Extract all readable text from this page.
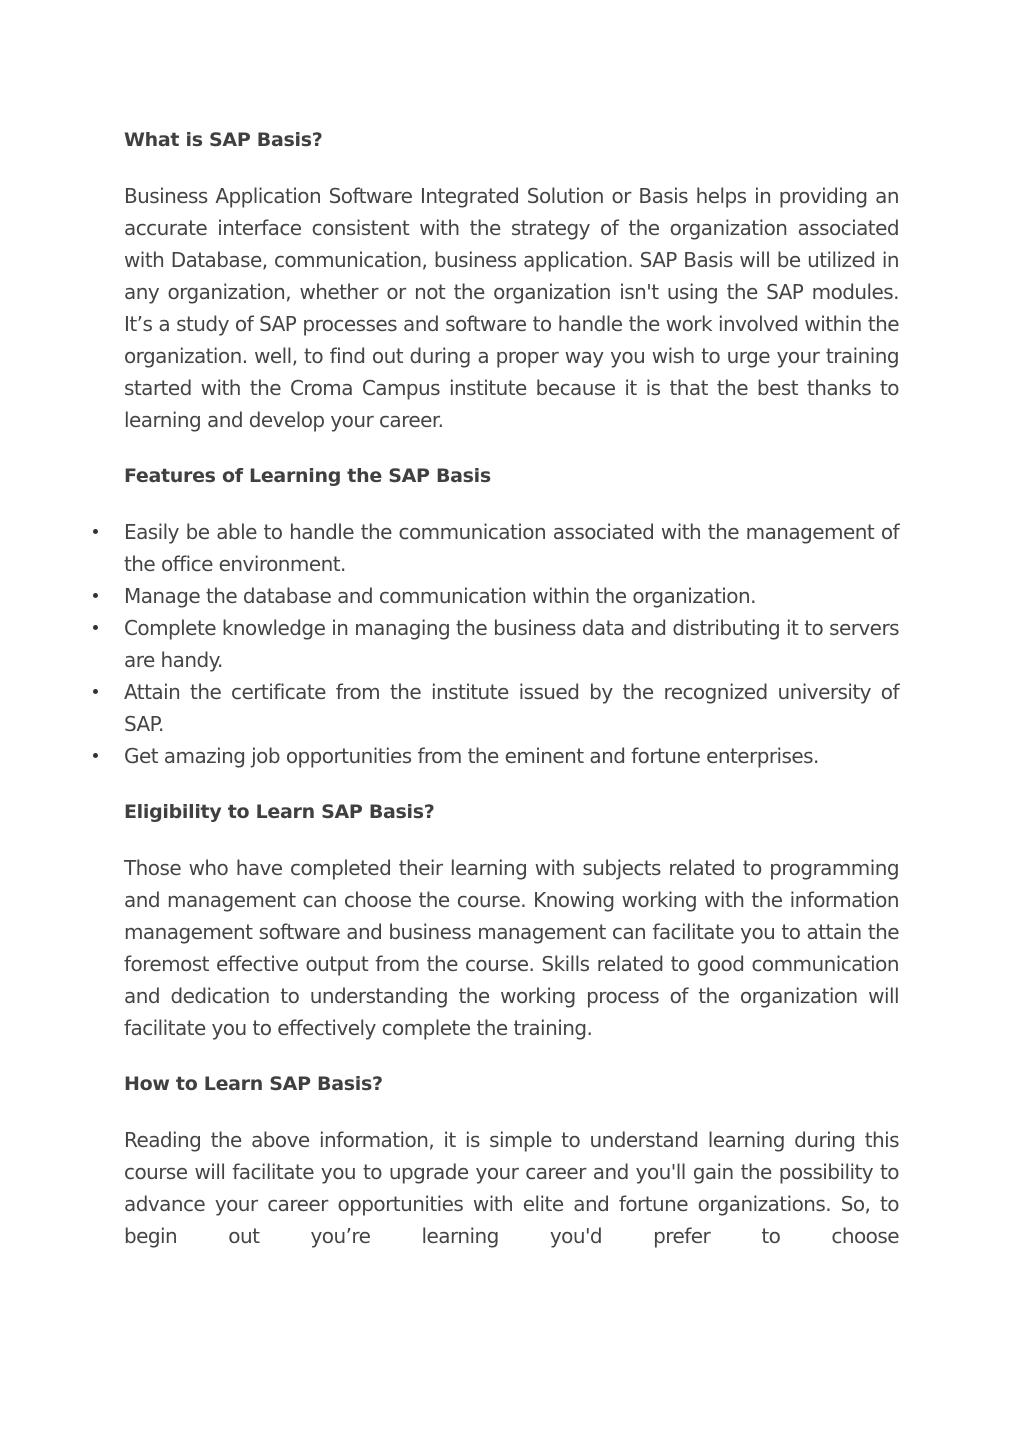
What is SAP Basis?

Business Application Software Integrated Solution or Basis helps in providing an accurate interface consistent with the strategy of the organization associated with Database, communication, business application. SAP Basis will be utilized in any organization, whether or not the organization isn't using the SAP modules. It’s a study of SAP processes and software to handle the work involved within the organization. well, to find out during a proper way you wish to urge your training started with the Croma Campus institute because it is that the best thanks to learning and develop your career.

Features of Learning the SAP Basis
Easily be able to handle the communication associated with the management of the office environment.
Manage the database and communication within the organization.
Complete knowledge in managing the business data and distributing it to servers are handy.
Attain the certificate from the institute issued by the recognized university of SAP.
Get amazing job opportunities from the eminent and fortune enterprises.
Eligibility to Learn SAP Basis?

Those who have completed their learning with subjects related to programming and management can choose the course. Knowing working with the information management software and business management can facilitate you to attain the foremost effective output from the course. Skills related to good communication and dedication to understanding the working process of the organization will facilitate you to effectively complete the training.

How to Learn SAP Basis?

Reading the above information, it is simple to understand learning during this course will facilitate you to upgrade your career and you'll gain the possibility to advance your career opportunities with elite and fortune organizations. So, to begin out you’re learning you'd prefer to choose
